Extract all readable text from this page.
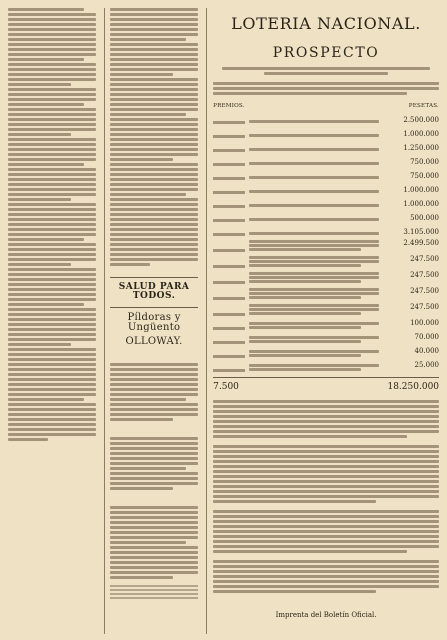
SALUD PARA TODOS.
Píldoras y Ungüento
OLLOWAY.

LOTERIA NACIONAL.
PROSPECTO
PREMIOS.	PESETAS.
2.500.000
1.000.000
1.250.000
750.000
750.000
1.000.000
1.000.000
500.000
3.105.000
2.499.500
247.500
247.500
247.500
247.500
100.000
70.000
40.000
25.000
7.500	18.250.000
Imprenta del Boletín Oficial.
